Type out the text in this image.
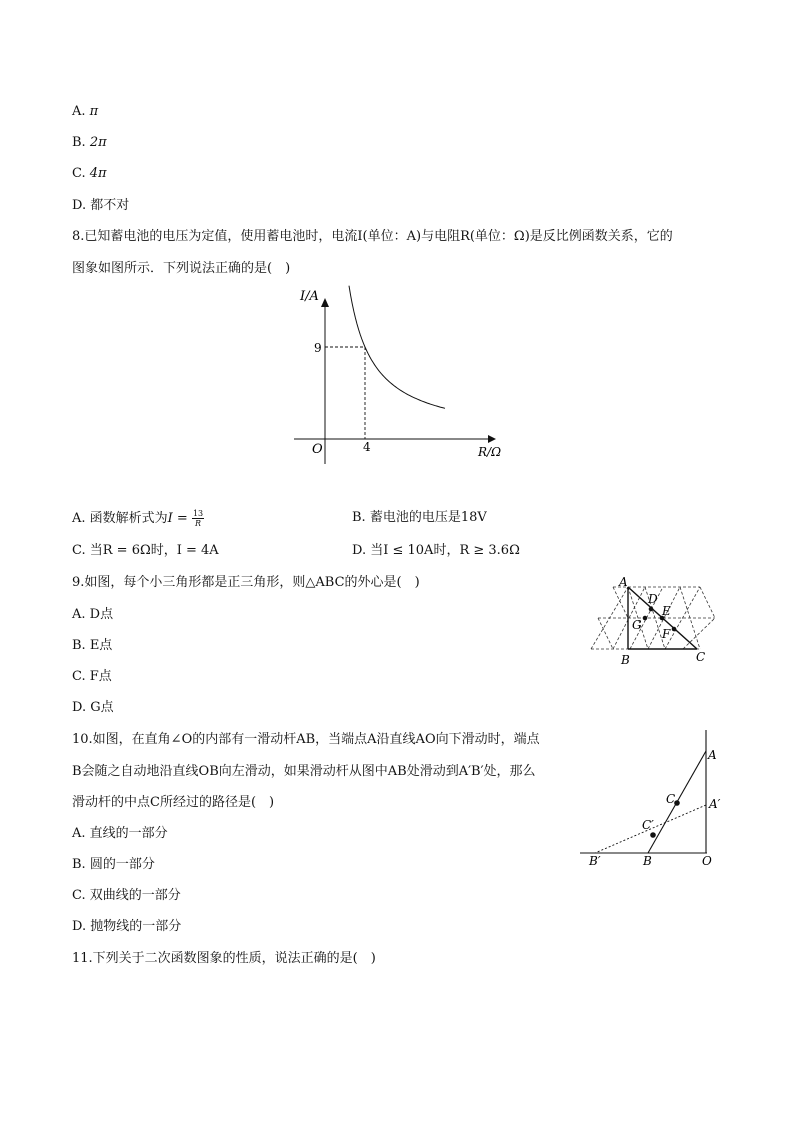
A. π
B. 2π
C. 4π
D. 都不对
8.已知蓄电池的电压为定值，使用蓄电池时，电流I(单位：A)与电阻R(单位：Ω)是反比例函数关系，它的
图象如图所示．下列说法正确的是(　)
I/A
O
9
4	R/Ω
A. 函数解析式为$I = \frac{13}{R}$	B. 蓄电池的电压是18V
C. 当R = 6Ω时，I = 4A	D. 当I ≤ 10A时，R ≥ 3.6Ω
9.如图，每个小三角形都是正三角形，则△ABC的外心是(　)
A. D点
B. E点
C. F点
D. G点
A
B	C
D
E
F
G
10.如图，在直角∠O的内部有一滑动杆AB，当端点A沿直线AO向下滑动时，端点
B会随之自动地沿直线OB向左滑动，如果滑动杆从图中AB处滑动到A′B′处，那么
滑动杆的中点C所经过的路径是(　)
A. 直线的一部分
B. 圆的一部分
C. 双曲线的一部分
D. 抛物线的一部分
A
A′
C
C′
B′	B	O
11.下列关于二次函数图象的性质，说法正确的是(　)
